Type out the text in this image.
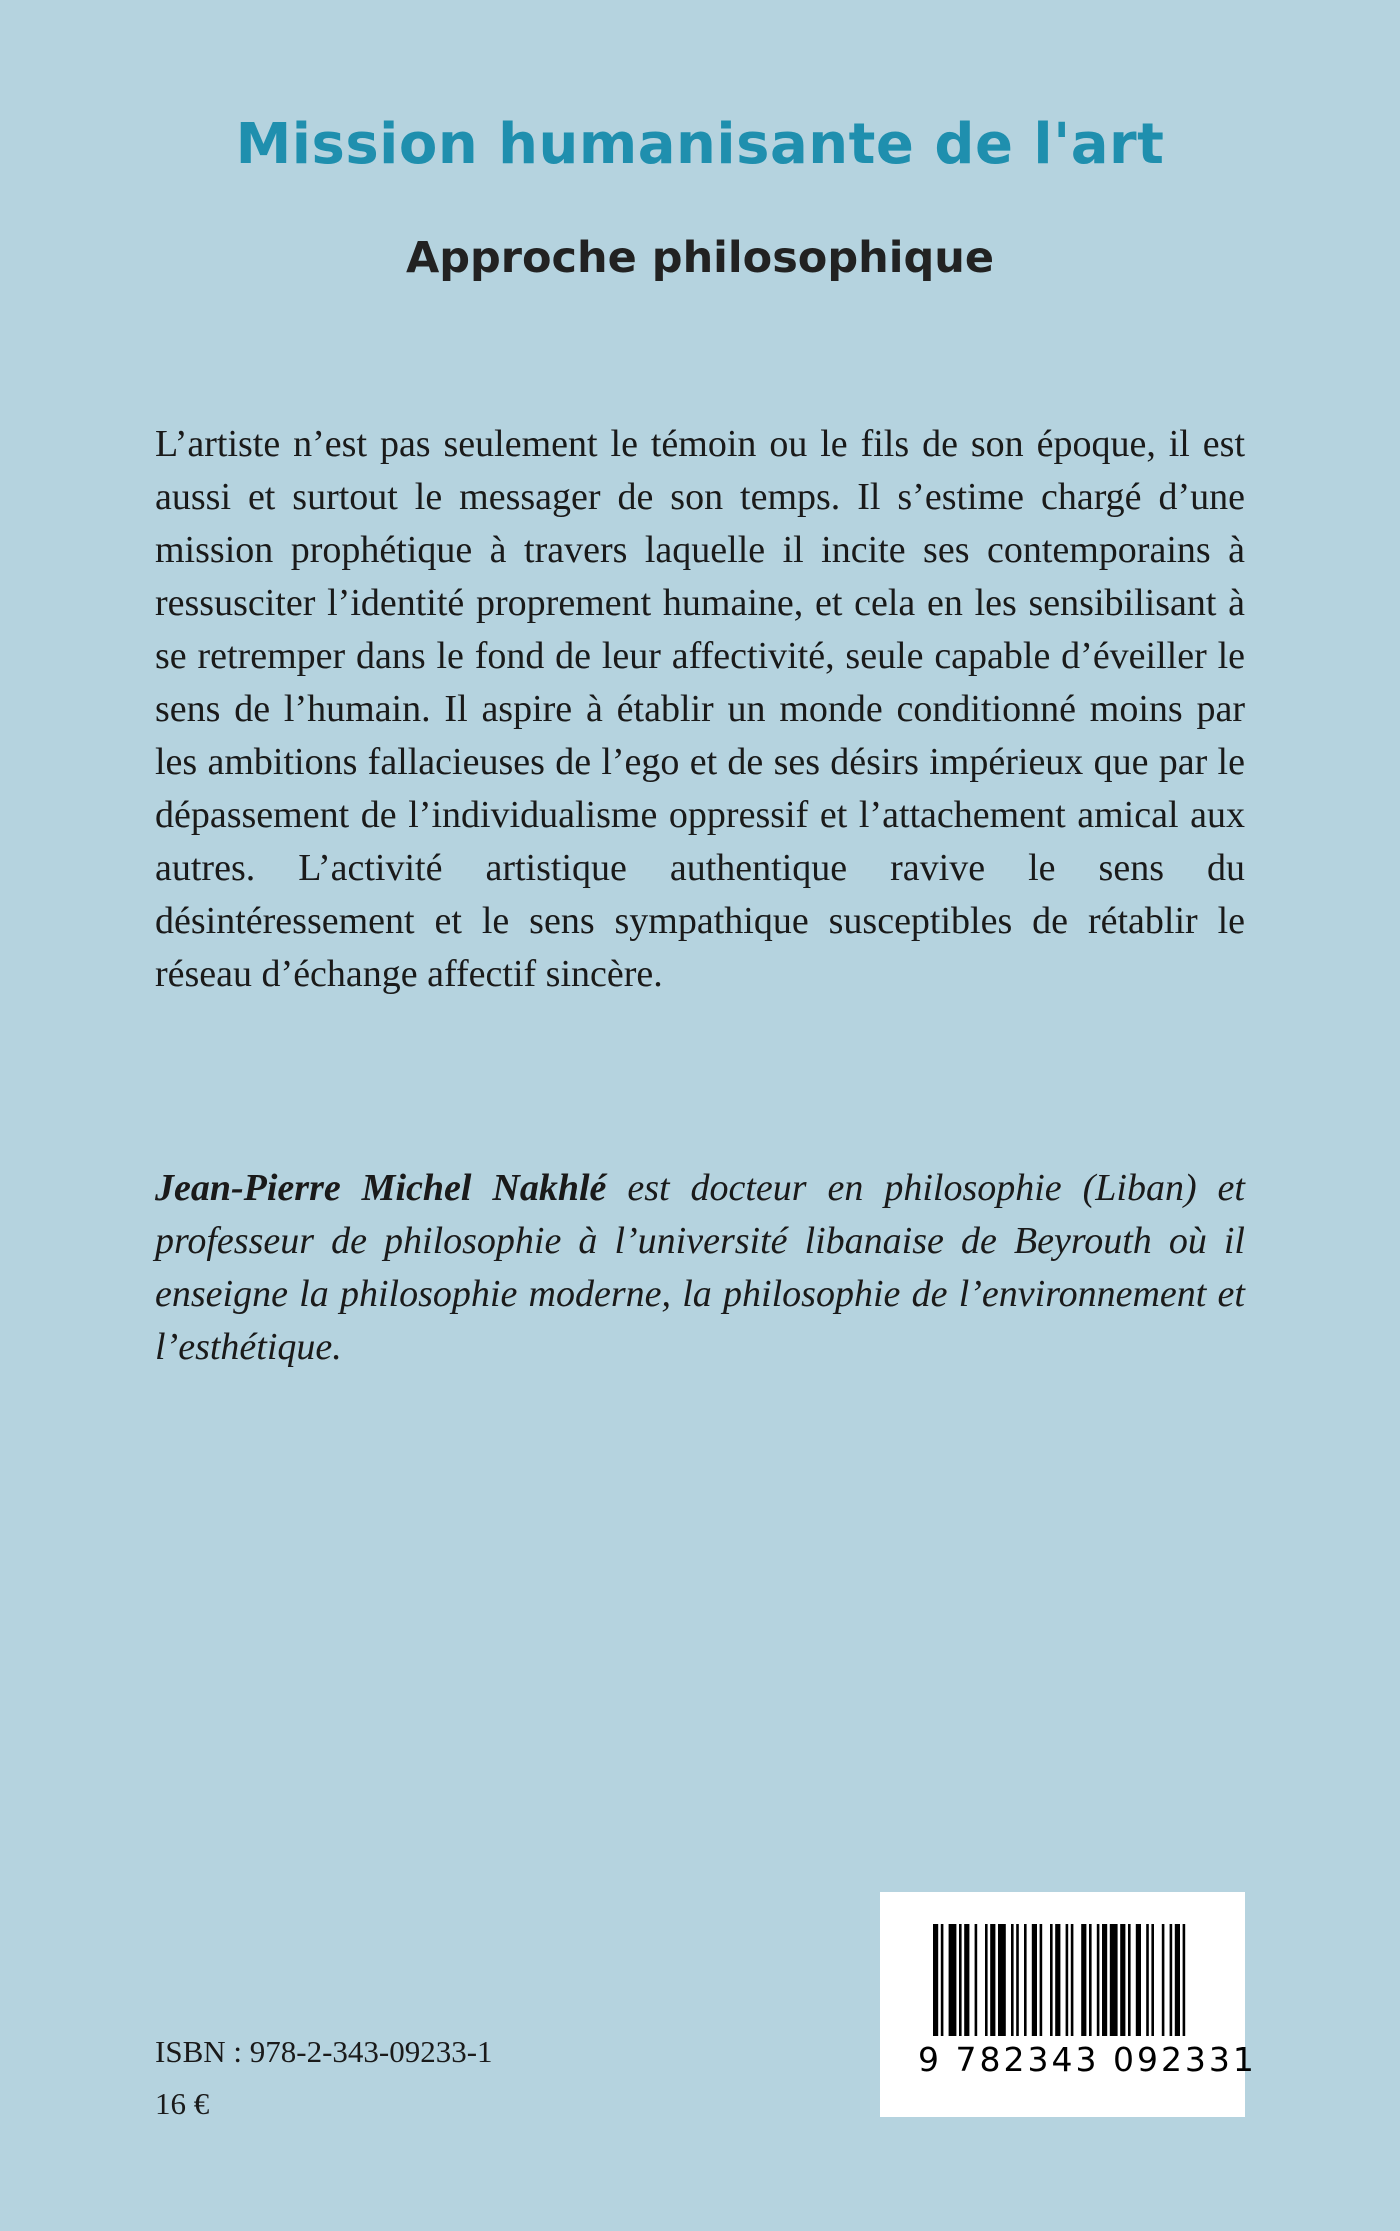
Mission humanisante de l'art
Approche philosophique

L’artiste n’est pas seulement le témoin ou le fils de son époque, il est aussi et surtout le messager de son temps. Il s’estime chargé d’une mission prophétique à travers laquelle il incite ses contemporains à ressusciter l’identité proprement humaine, et cela en les sensibilisant à se retremper dans le fond de leur affectivité, seule capable d’éveiller le sens de l’humain. Il aspire à établir un monde conditionné moins par les ambitions fallacieuses de l’ego et de ses désirs impérieux que par le dépassement de l’individualisme oppressif et l’attachement amical aux autres. L’activité artistique authentique ravive le sens du désintéressement et le sens sympathique susceptibles de rétablir le réseau d’échange affectif sincère.

Jean-Pierre Michel Nakhlé est docteur en philosophie (Liban) et professeur de philosophie à l’université libanaise de Beyrouth où il enseigne la philosophie moderne, la philosophie de l’environnement et l’esthétique.

ISBN : 978-2-343-09233-1
16 €
9 782343 092331
